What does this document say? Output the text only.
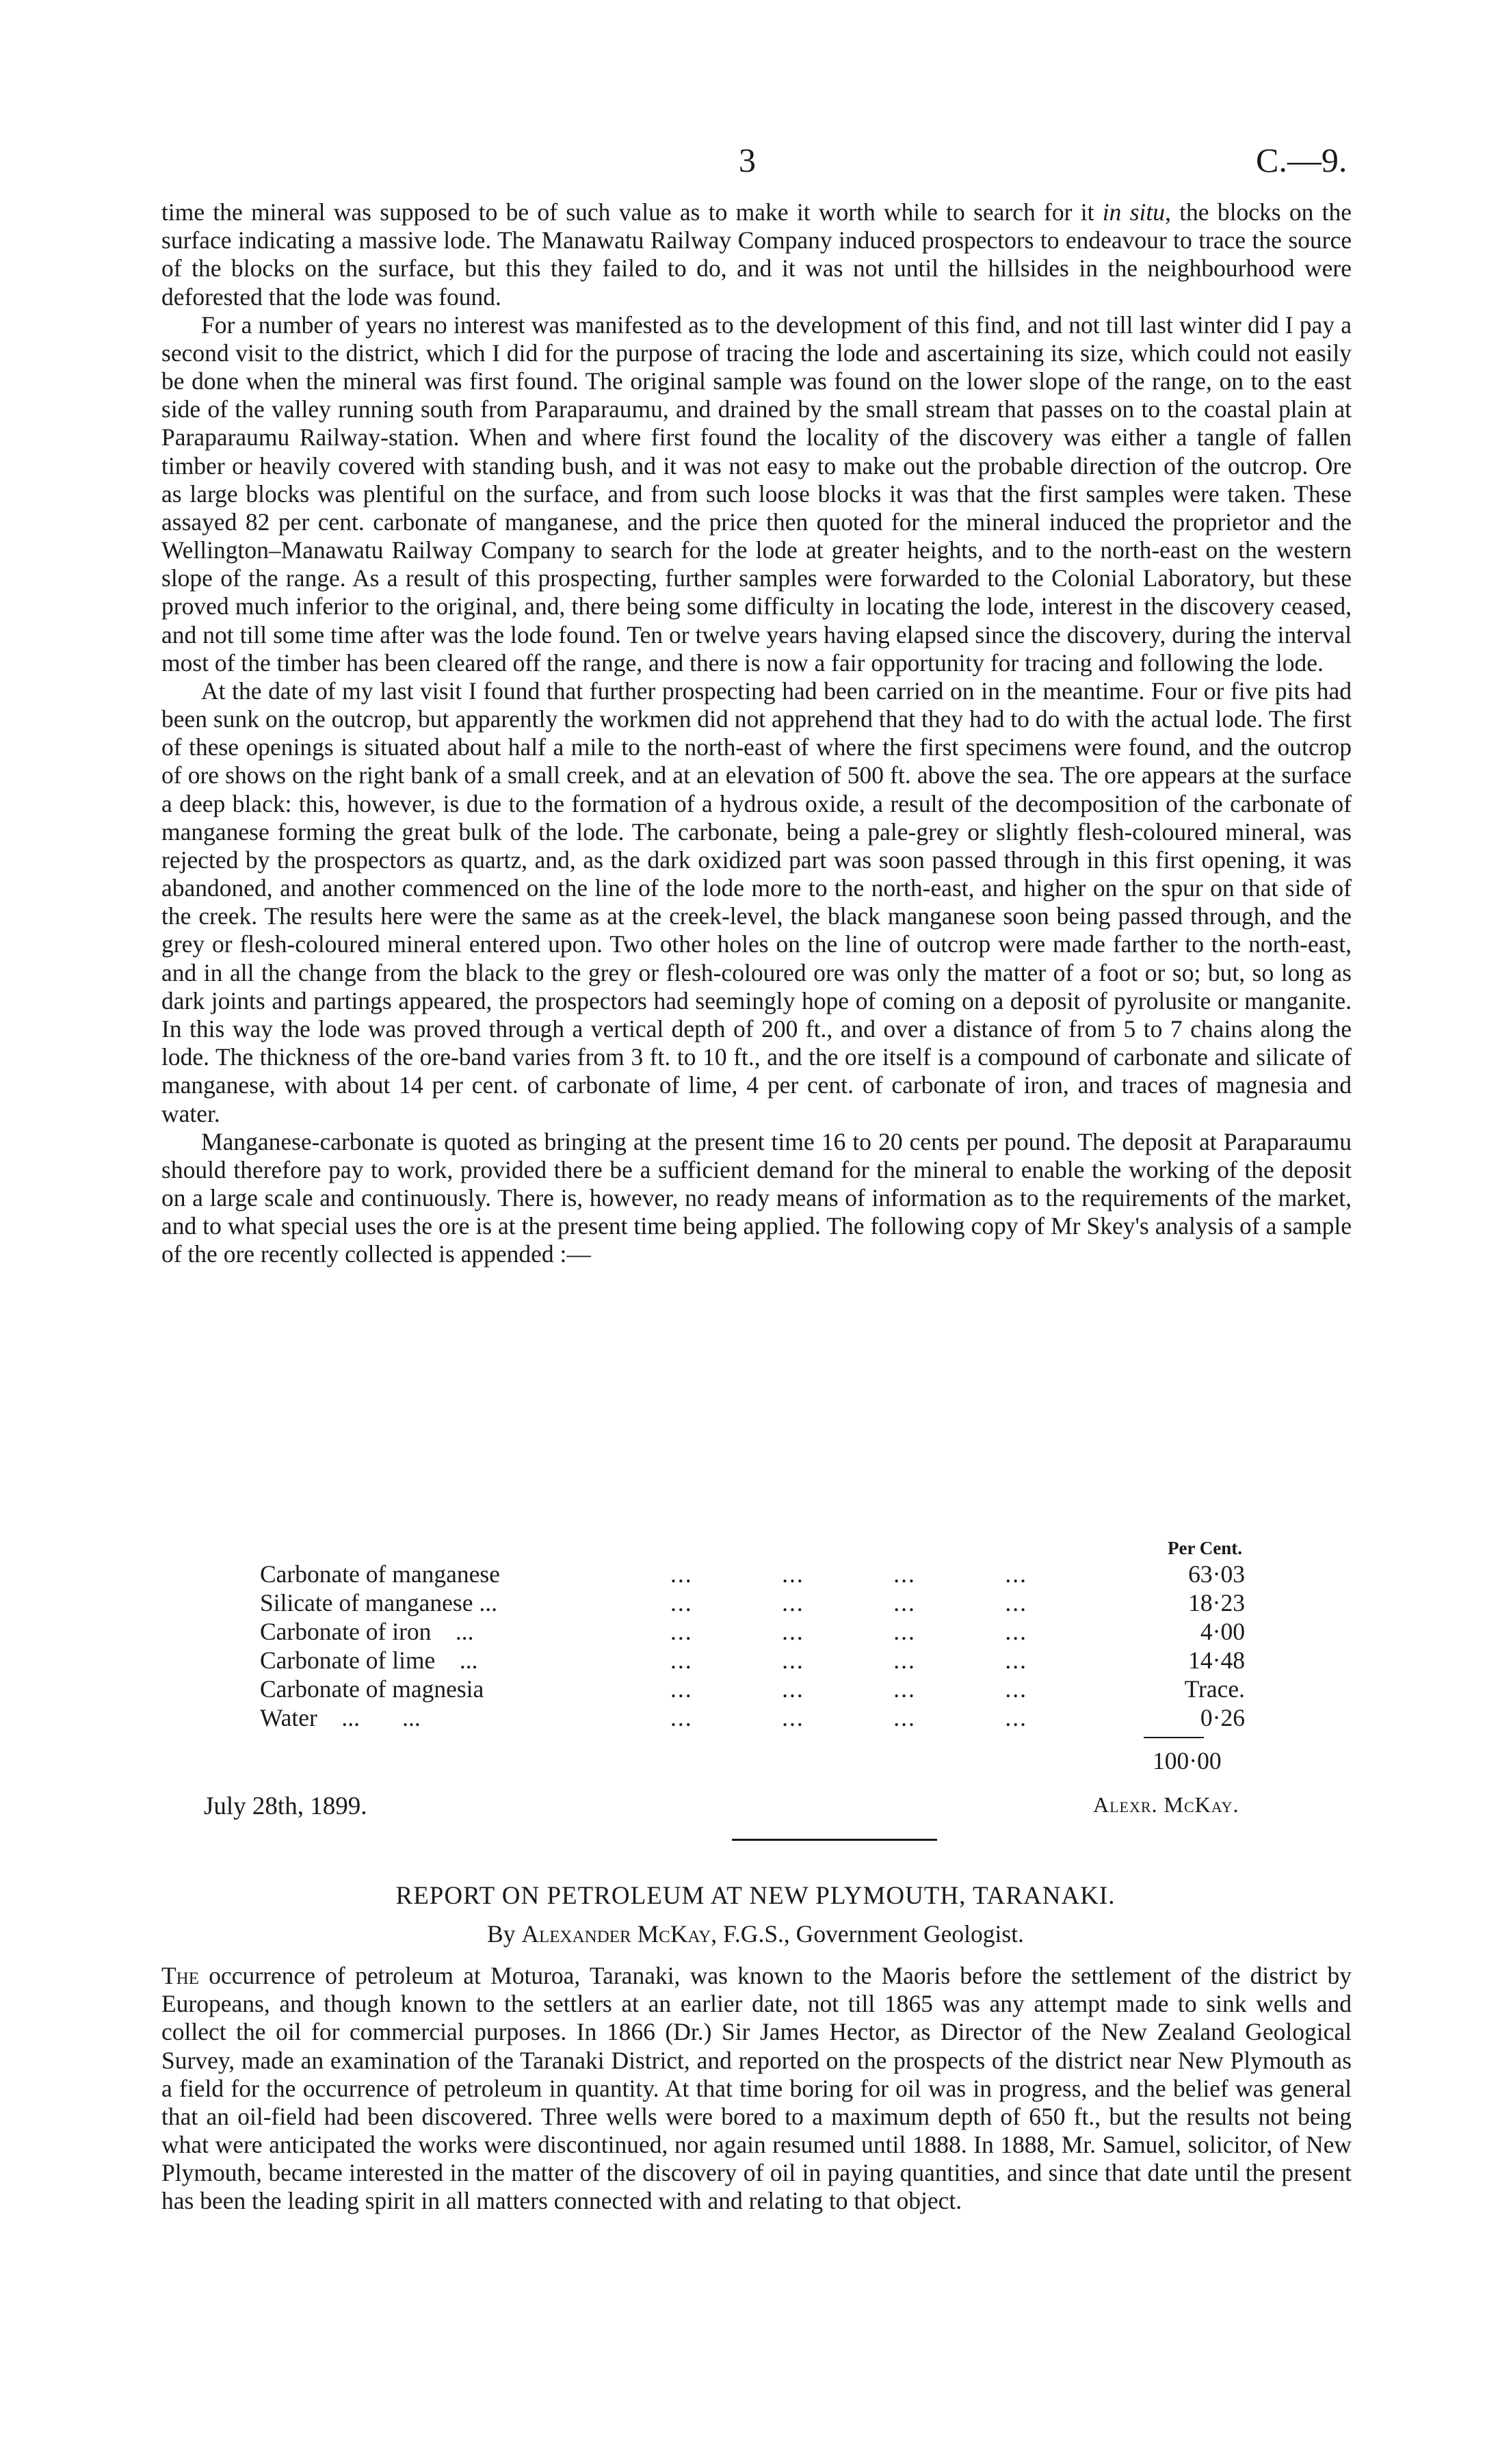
3	C.—9.

time the mineral was supposed to be of such value as to make it worth while to search for it in situ, the blocks on the surface indicating a massive lode. The Manawatu Railway Company induced prospectors to endeavour to trace the source of the blocks on the surface, but this they failed to do, and it was not until the hillsides in the neighbourhood were deforested that the lode was found.

For a number of years no interest was manifested as to the development of this find, and not till last winter did I pay a second visit to the district, which I did for the purpose of tracing the lode and ascertaining its size, which could not easily be done when the mineral was first found. The original sample was found on the lower slope of the range, on to the east side of the valley running south from Paraparaumu, and drained by the small stream that passes on to the coastal plain at Paraparaumu Railway-station. When and where first found the locality of the discovery was either a tangle of fallen timber or heavily covered with standing bush, and it was not easy to make out the probable direction of the outcrop. Ore as large blocks was plentiful on the surface, and from such loose blocks it was that the first samples were taken. These assayed 82 per cent. carbonate of manganese, and the price then quoted for the mineral induced the proprietor and the Wellington–Manawatu Railway Company to search for the lode at greater heights, and to the north-east on the western slope of the range. As a result of this prospecting, further samples were forwarded to the Colonial Laboratory, but these proved much inferior to the original, and, there being some difficulty in locating the lode, interest in the discovery ceased, and not till some time after was the lode found. Ten or twelve years having elapsed since the discovery, during the interval most of the timber has been cleared off the range, and there is now a fair opportunity for tracing and following the lode.

At the date of my last visit I found that further prospecting had been carried on in the meantime. Four or five pits had been sunk on the outcrop, but apparently the workmen did not apprehend that they had to do with the actual lode. The first of these openings is situated about half a mile to the north-east of where the first specimens were found, and the outcrop of ore shows on the right bank of a small creek, and at an elevation of 500 ft. above the sea. The ore appears at the surface a deep black: this, however, is due to the formation of a hydrous oxide, a result of the decomposition of the carbonate of manganese forming the great bulk of the lode. The carbonate, being a pale-grey or slightly flesh-coloured mineral, was rejected by the prospectors as quartz, and, as the dark oxidized part was soon passed through in this first opening, it was abandoned, and another commenced on the line of the lode more to the north-east, and higher on the spur on that side of the creek. The results here were the same as at the creek-level, the black manganese soon being passed through, and the grey or flesh-coloured mineral entered upon. Two other holes on the line of outcrop were made farther to the north-east, and in all the change from the black to the grey or flesh-coloured ore was only the matter of a foot or so; but, so long as dark joints and partings appeared, the prospectors had seemingly hope of coming on a deposit of pyrolusite or manganite. In this way the lode was proved through a vertical depth of 200 ft., and over a distance of from 5 to 7 chains along the lode. The thickness of the ore-band varies from 3 ft. to 10 ft., and the ore itself is a compound of carbonate and silicate of manganese, with about 14 per cent. of carbonate of lime, 4 per cent. of carbonate of iron, and traces of magnesia and water.

Manganese-carbonate is quoted as bringing at the present time 16 to 20 cents per pound. The deposit at Paraparaumu should therefore pay to work, provided there be a sufficient demand for the mineral to enable the working of the deposit on a large scale and continuously. There is, however, no ready means of information as to the requirements of the market, and to what special uses the ore is at the present time being applied. The following copy of Mr Skey's analysis of a sample of the ore recently collected is appended :—

Per Cent.
Carbonate of manganese	...            ...            ...            ...	63·03
Silicate of manganese ...	...            ...            ...            ...	18·23
Carbonate of iron    ...	...            ...            ...            ...	4·00
Carbonate of lime    ...	...            ...            ...            ...	14·48
Carbonate of magnesia	...            ...            ...            ...	Trace.
Water    ...       ...	...            ...            ...            ...	0·26
100·00
July 28th, 1899.	Alexr. McKay.
REPORT ON PETROLEUM AT NEW PLYMOUTH, TARANAKI.
By Alexander McKay, F.G.S., Government Geologist.

The occurrence of petroleum at Moturoa, Taranaki, was known to the Maoris before the settlement of the district by Europeans, and though known to the settlers at an earlier date, not till 1865 was any attempt made to sink wells and collect the oil for commercial purposes. In 1866 (Dr.) Sir James Hector, as Director of the New Zealand Geological Survey, made an examination of the Taranaki District, and reported on the prospects of the district near New Plymouth as a field for the occurrence of petroleum in quantity. At that time boring for oil was in progress, and the belief was general that an oil-field had been discovered. Three wells were bored to a maximum depth of 650 ft., but the results not being what were anticipated the works were discontinued, nor again resumed until 1888. In 1888, Mr. Samuel, solicitor, of New Plymouth, became interested in the matter of the discovery of oil in paying quantities, and since that date until the present has been the leading spirit in all matters connected with and relating to that object.
